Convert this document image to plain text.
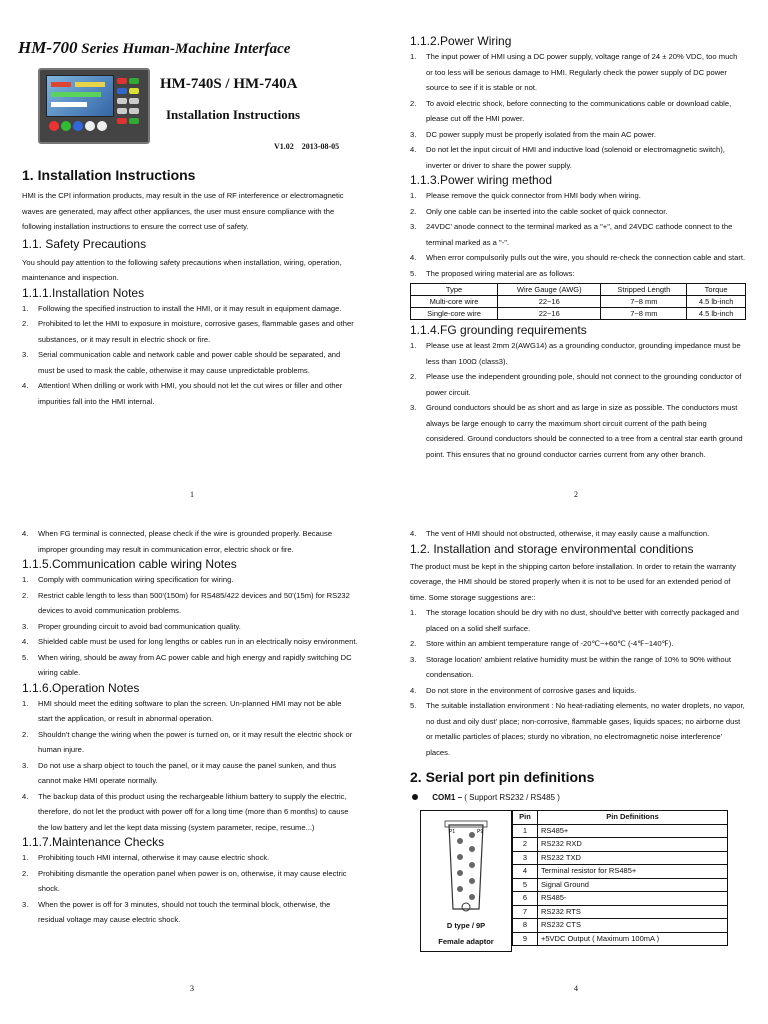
HM-700 Series Human-Machine Interface
HM-740S / HM-740A
Installation Instructions
V1.02 2013-08-05
1. Installation Instructions

HMI is the CPI information products, may result in the use of RF interference or electromagnetic waves are generated, may affect other appliances, the user must ensure compliance with the following installation instructions to ensure the correct use of safety.

1.1. Safety Precautions

You should pay attention to the following safety precautions when installation, wiring, operation, maintenance and inspection.

1.1.1.Installation Notes
1. Following the specified instruction to install the HMI, or it may result in equipment damage.
2. Prohibited to let the HMI to exposure in moisture, corrosive gases, flammable gases and other substances, or it may result in electric shock or fire.
3. Serial communication cable and network cable and power cable should be separated, and must be used to mask the cable, otherwise it may cause unpredictable problems.
4. Attention! When drilling or work with HMI, you should not let the cut wires or filler and other impurities fall into the HMI internal.
1
1.1.2.Power Wiring
1. The input power of HMI using a DC power supply, voltage range of 24 ± 20% VDC, too much or too less will be serious damage to HMI. Regularly check the power supply of DC power source to see if it is stable or not.
2. To avoid electric shock, before connecting to the communications cable or download cable, please cut off the HMI power.
3. DC power supply must be properly isolated from the main AC power.
4. Do not let the input circuit of HMI and inductive load (solenoid or electromagnetic switch), inverter or driver to share the power supply.
1.1.3.Power wiring method
1. Please remove the quick connector from HMI body when wiring.
2. Only one cable can be inserted into the cable socket of quick connector.
3. 24VDC' anode connect to the terminal marked as a "+", and 24VDC cathode connect to the terminal marked as a "-".
4. When error compulsorily pulls out the wire, you should re-check the connection cable and start.
5. The proposed wiring material are as follows:
Type	Wire Gauge (AWG)	Stripped Length	Torque
Multi-core wire	22~16	7~8 mm	4.5 lb-inch
Single-core wire	22~16	7~8 mm	4.5 lb-inch
1.1.4.FG grounding requirements
1. Please use at least 2mm 2(AWG14) as a grounding conductor, grounding impedance must be less than 100Ω (class3).
2. Please use the independent grounding pole, should not connect to the grounding conductor of power circuit.
3. Ground conductors should be as short and as large in size as possible. The conductors must always be large enough to carry the maximum short circuit current of the path being considered. Ground conductors should be connected to a tree from a central star earth ground point. This ensures that no ground conductor carries current from any other branch.
2
4. When FG terminal is connected, please check if the wire is grounded properly. Because improper grounding may result in communication error, electric shock or fire.
1.1.5.Communication cable wiring Notes
1. Comply with communication wiring specification for wiring.
2. Restrict cable length to less than 500'(150m) for RS485/422 devices and 50'(15m) for RS232 devices to avoid communication problems.
3. Proper grounding circuit to avoid bad communication quality.
4. Shielded cable must be used for long lengths or cables run in an electrically noisy environment.
5. When wiring, should be away from AC power cable and high energy and rapidly switching DC wiring cable.
1.1.6.Operation Notes
1. HMI should meet the editing software to plan the screen. Un-planned HMI may not be able start the application, or result in abnormal operation.
2. Shouldn't change the wiring when the power is turned on, or it may result the electric shock or human injure.
3. Do not use a sharp object to touch the panel, or it may cause the panel sunken, and thus cannot make HMI operate normally.
4. The backup data of this product using the rechargeable lithium battery to supply the electric, therefore, do not let the product with power off for a long time (more than 6 months) to cause the low battery and let the kept data missing (system parameter, recipe, resume...)
1.1.7.Maintenance Checks
1. Prohibiting touch HMI internal, otherwise it may cause electric shock.
2. Prohibiting dismantle the operation panel when power is on, otherwise, it may cause electric shock.
3. When the power is off for 3 minutes, should not touch the terminal block, otherwise, the residual voltage may cause electric shock.
3
4. The vent of HMI should not obstructed, otherwise, it may easily cause a malfunction.
1.2. Installation and storage environmental conditions

The product must be kept in the shipping carton before installation. In order to retain the warranty coverage, the HMI should be stored properly when it is not to be used for an extended period of time. Some storage suggestions are::

1. The storage location should be dry with no dust, should've better with correctly packaged and placed on a solid shelf surface.
2. Store within an ambient temperature range of -20℃~+60℃ (-4℉~140℉).
3. Storage location' ambient relative humidity must be within the range of 10% to 90% without condensation.
4. Do not store in the environment of corrosive gases and liquids.
5. The suitable installation environment : No heat-radiating elements, no water droplets, no vapor, no dust and oily dust' place; non-corrosive, flammable gases, liquids spaces; no airborne dust or metallic particles of places; sturdy no vibration, no electromagnetic noise interference' places.
2. Serial port pin definitions
COM1 – ( Support RS232 / RS485 )
P1	P9
D type / 9P
Female adaptor
Pin	Pin Definitions
1	RS485+
2	RS232 RXD
3	RS232 TXD
4	Terminal resistor for RS485+
5	Signal Ground
6	RS485-
7	RS232 RTS
8	RS232 CTS
9	+5VDC Output ( Maximum 100mA )
4
